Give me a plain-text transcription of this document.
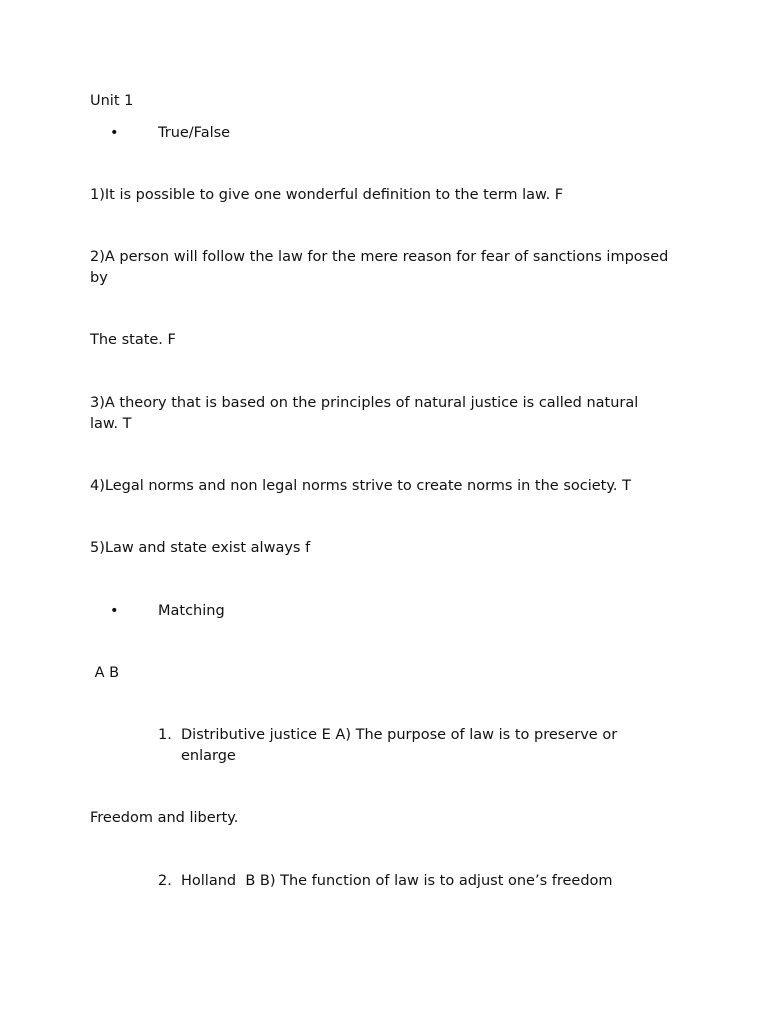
Unit 1
•	True/False
1)It is possible to give one wonderful definition to the term law. F
2)A person will follow the law for the mere reason for fear of sanctions imposed by
The state. F
3)A theory that is based on the principles of natural justice is called natural law. T
4)Legal norms and non legal norms strive to create norms in the society. T
5)Law and state exist always f
•	Matching
A B
1. Distributive justice E A) The purpose of law is to preserve or enlarge
Freedom and liberty.
2. Holland  B B) The function of law is to adjust one’s freedom
